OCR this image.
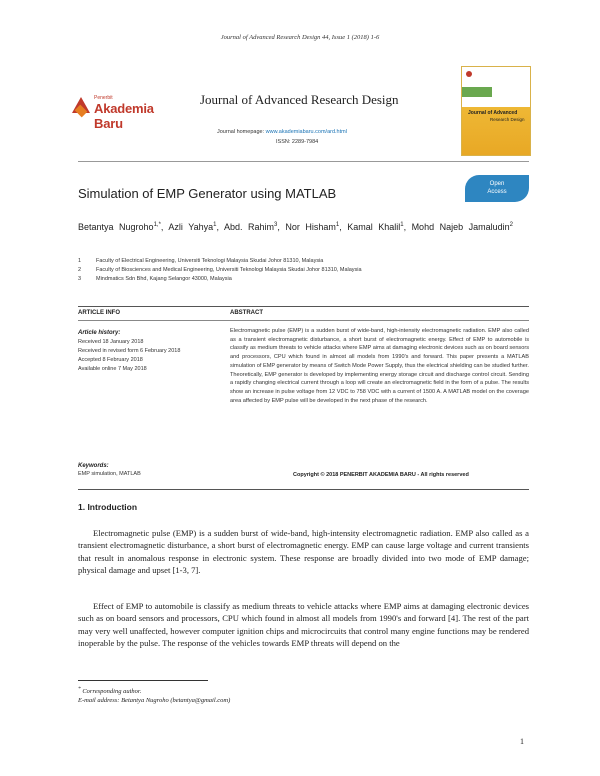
Journal of Advanced Research Design 44, Issue 1 (2018) 1-6
Penerbit
Akademia Baru
Journal of Advanced Research Design
Journal homepage: www.akademiabaru.com/ard.html
ISSN: 2289-7984
Journal of Advanced
Research Design
Simulation of EMP Generator using MATLAB
Open
Access
Betantya Nugroho$^{1,*}$, Azli Yahya$^1$, Abd. Rahim$^3$, Nor Hisham$^1$, Kamal Khalil$^1$, Mohd Najeb Jamaludin$^2$
1	Faculty of Electrical Engineering, Universiti Teknologi Malaysia Skudai Johor 81310, Malaysia
2	Faculty of Biosciences and Medical Engineering, Universiti Teknologi Malaysia Skudai Johor 81310, Malaysia
3	Mindmatics Sdn Bhd, Kajang Selangor 43000, Malaysia
ARTICLE INFO	ABSTRACT
Article history:
Received 18 January 2018
Received in revised form 6 February 2018
Accepted 8 February 2018
Available online 7 May 2018
Electromagnetic pulse (EMP) is a sudden burst of wide-band, high-intensity electromagnetic radiation. EMP also called as a transient electromagnetic disturbance, a short burst of electromagnetic energy. Effect of EMP to automobile is classify as medium threats to vehicle attacks where EMP aims at damaging electronic devices such as on board sensors and processors, CPU which found in almost all models from 1990's and forward. This paper presents a MATLAB simulation of EMP generator by means of Switch Mode Power Supply, thus the electrical shielding can be studied further. Theoretically, EMP generator is developed by implementing energy storage circuit and discharge control circuit. Sending a rapidly changing electrical current through a loop will create an electromagnetic field in the form of a pulse. The results show an increase in pulse voltage from 12 VDC to 758 VDC with a current of 1500 A. A MATLAB model on the coverage area affected by EMP pulse will be developed in the next phase of the research.
Keywords:
EMP simulation, MATLAB	Copyright © 2018 PENERBIT AKADEMIA BARU - All rights reserved
1. Introduction
Electromagnetic pulse (EMP) is a sudden burst of wide-band, high-intensity electromagnetic radiation. EMP also called as a transient electromagnetic disturbance, a short burst of electromagnetic energy. EMP can cause large voltage and current transients that result in anomalous response in electronic system. These response are broadly divided into two mode of EMP damage; physical damage and upset [1-3, 7].
Effect of EMP to automobile is classify as medium threats to vehicle attacks where EMP aims at damaging electronic devices such as on board sensors and processors, CPU which found in almost all models from 1990's and forward [4]. The rest of the part may very well unaffected, however computer ignition chips and microcircuits that control many engine functions may be rendered inoperable by the pulse. The response of the vehicles towards EMP threats will depend on the
* Corresponding author.
E-mail address: Betantya Nugroho (betantya@gmail.com)
1
